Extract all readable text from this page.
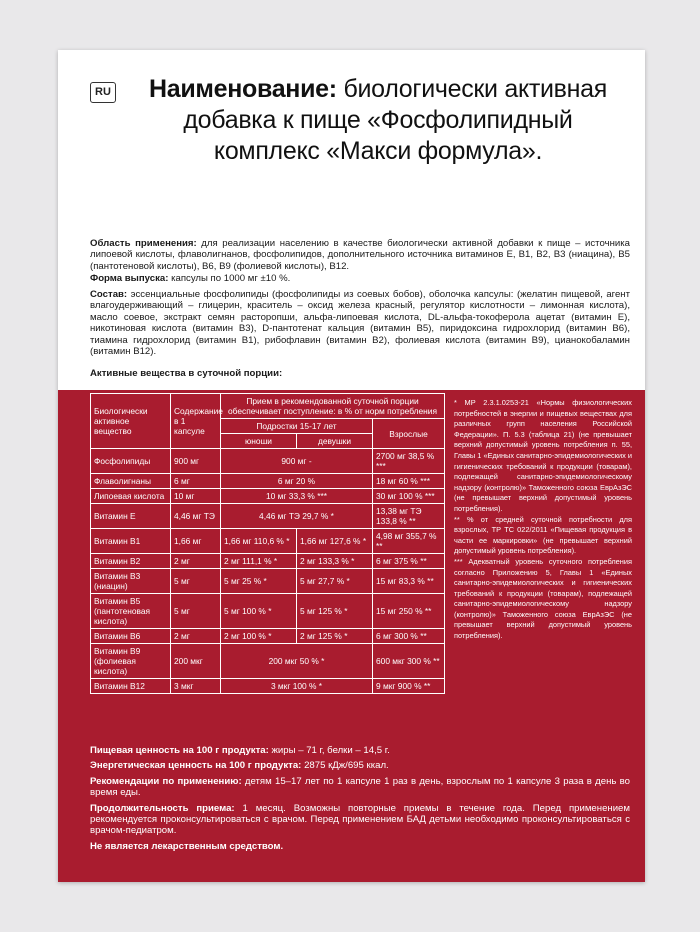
RU	Наименование: биологически активная добавка к пище «Фосфолипидный комплекс «Макси формула».
Область применения: для реализации населению в качестве биологически активной добавки к пище – источника липоевой кислоты, флаволигнанов, фосфолипидов, дополнительного источника витаминов Е, В1, В2, В3 (ниацина), В5 (пантотеновой кислоты), В6, В9 (фолиевой кислоты), В12.
Форма выпуска: капсулы по 1000 мг ±10 %.
Состав: эссенциальные фосфолипиды (фосфолипиды из соевых бобов), оболочка капсулы: (желатин пищевой, агент влагоудерживающий – глицерин, краситель – оксид железа красный, регулятор кислотности – лимонная кислота), масло соевое, экстракт семян расторопши, альфа-липоевая кислота, DL-альфа-токоферола ацетат (витамин Е), никотиновая кислота (витамин В3), D-пантотенат кальция (витамин В5), пиридоксина гидрохлорид (витамин В6), тиамина гидрохлорид (витамин В1), рибофлавин (витамин В2), фолиевая кислота (витамин В9), цианокобаламин (витамин В12).
Активные вещества в суточной порции:
Биологически активное вещество	Содержание в 1 капсуле	Прием в рекомендованной суточной порции обеспечивает поступление: в % от норм потребления		
		Подростки 15-17 лет		Взрослые
		юноши	девушки	
Фосфолипиды	900 мг	900 мг -		2700 мг 38,5 % ***
Флаволигнаны	6 мг	6 мг 20 %		18 мг 60 % ***
Липоевая кислота	10 мг	10 мг 33,3 % ***		30 мг 100 % ***
Витамин Е	4,46 мг ТЭ	4,46 мг ТЭ 29,7 % *		13,38 мг ТЭ 133,8 % **
Витамин В1	1,66 мг	1,66 мг 110,6 % *	1,66 мг 127,6 % *	4,98 мг 355,7 % **
Витамин В2	2 мг	2 мг 111,1 % *	2 мг 133,3 % *	6 мг 375 % **
Витамин В3 (ниацин)	5 мг	5 мг 25 % *	5 мг 27,7 % *	15 мг 83,3 % **
Витамин В5 (пантотеновая кислота)	5 мг	5 мг 100 % *	5 мг 125 % *	15 мг 250 % **
Витамин В6	2 мг	2 мг 100 % *	2 мг 125 % *	6 мг 300 % **
Витамин В9 (фолиевая кислота)	200 мкг	200 мкг 50 % *		600 мкг 300 % **
Витамин В12	3 мкг	3 мкг 100 % *		9 мкг 900 % **

* МР 2.3.1.0253-21 «Нормы физиологических потребностей в энергии и пищевых веществах для различных групп населения Российской Федерации». П. 5.3 (таблица 21) (не превышает верхний допустимый уровень потребления п. 55, Главы 1 «Единых санитарно-эпидемиологических и гигиенических требований к продукции (товарам), подлежащей санитарно-эпидемиологическому надзору (контролю)» Таможенного союза ЕврАзЭС (не превышает верхний допустимый уровень потребления).

** % от средней суточной потребности для взрослых, ТР ТС 022/2011 «Пищевая продукция в части ее маркировки» (не превышает верхний допустимый уровень потребления).

*** Адекватный уровень суточного потребления согласно Приложению 5, Главы 1 «Единых санитарно-эпидемиологических и гигиенических требований к продукции (товарам), подлежащей санитарно-эпидемиологическому надзору (контролю)» Таможенного союза ЕврАзЭС (не превышает верхний допустимый уровень потребления).

Пищевая ценность на 100 г продукта: жиры – 71 г, белки – 14,5 г.

Энергетическая ценность на 100 г продукта: 2875 кДж/695 ккал.

Рекомендации по применению: детям 15–17 лет по 1 капсуле 1 раз в день, взрослым по 1 капсуле 3 раза в день во время еды.

Продолжительность приема: 1 месяц. Возможны повторные приемы в течение года. Перед применением рекомендуется проконсультироваться с врачом. Перед применением БАД детьми необходимо проконсультироваться с врачом-педиатром.

Не является лекарственным средством.
